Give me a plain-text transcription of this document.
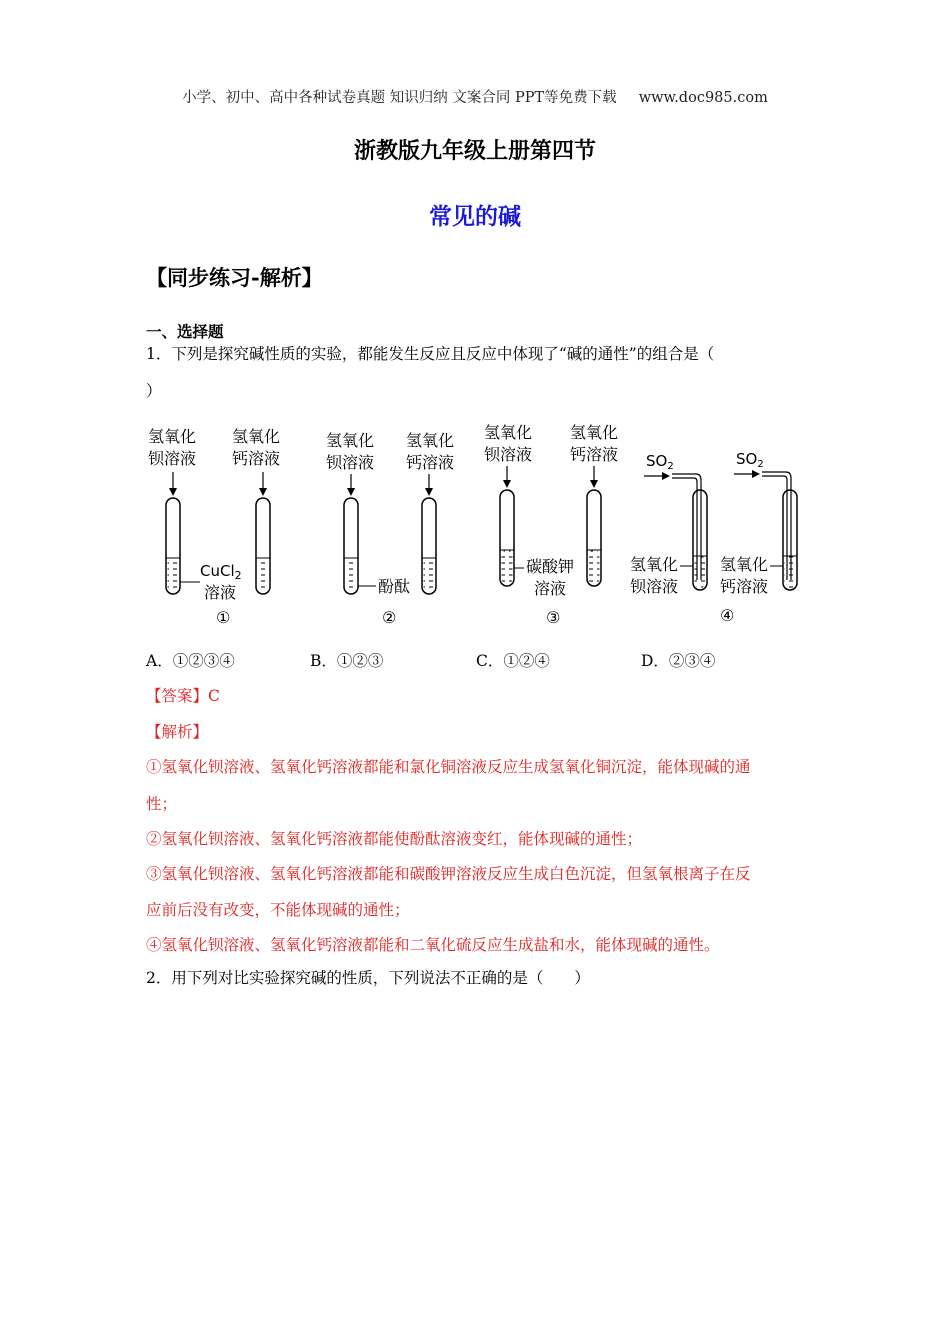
小学、初中、高中各种试卷真题 知识归纳 文案合同 PPT等免费下载 www.doc985.com
浙教版九年级上册第四节
常见的碱
【同步练习-解析】
一、选择题
1．下列是探究碱性质的实验，都能发生反应且反应中体现了“碱的通性”的组合是（
）
氢氧化
钡溶液
氢氧化
钙溶液
CuCl$_2$
溶液
①
氢氧化
钡溶液
氢氧化
钙溶液
酚酞
②
氢氧化
钡溶液
氢氧化
钙溶液
碳酸钾
溶液
③
$SO_2$
氢氧化
钡溶液
$SO_2$
氢氧化
钙溶液
④
A．①②③④	B．①②③	C．①②④	D．②③④
【答案】C
【解析】
①氢氧化钡溶液、氢氧化钙溶液都能和氯化铜溶液反应生成氢氧化铜沉淀，能体现碱的通
性；
②氢氧化钡溶液、氢氧化钙溶液都能使酚酞溶液变红，能体现碱的通性；
③氢氧化钡溶液、氢氧化钙溶液都能和碳酸钾溶液反应生成白色沉淀，但氢氧根离子在反
应前后没有改变，不能体现碱的通性；
④氢氧化钡溶液、氢氧化钙溶液都能和二氧化硫反应生成盐和水，能体现碱的通性。
2．用下列对比实验探究碱的性质，下列说法不正确的是（　　）
